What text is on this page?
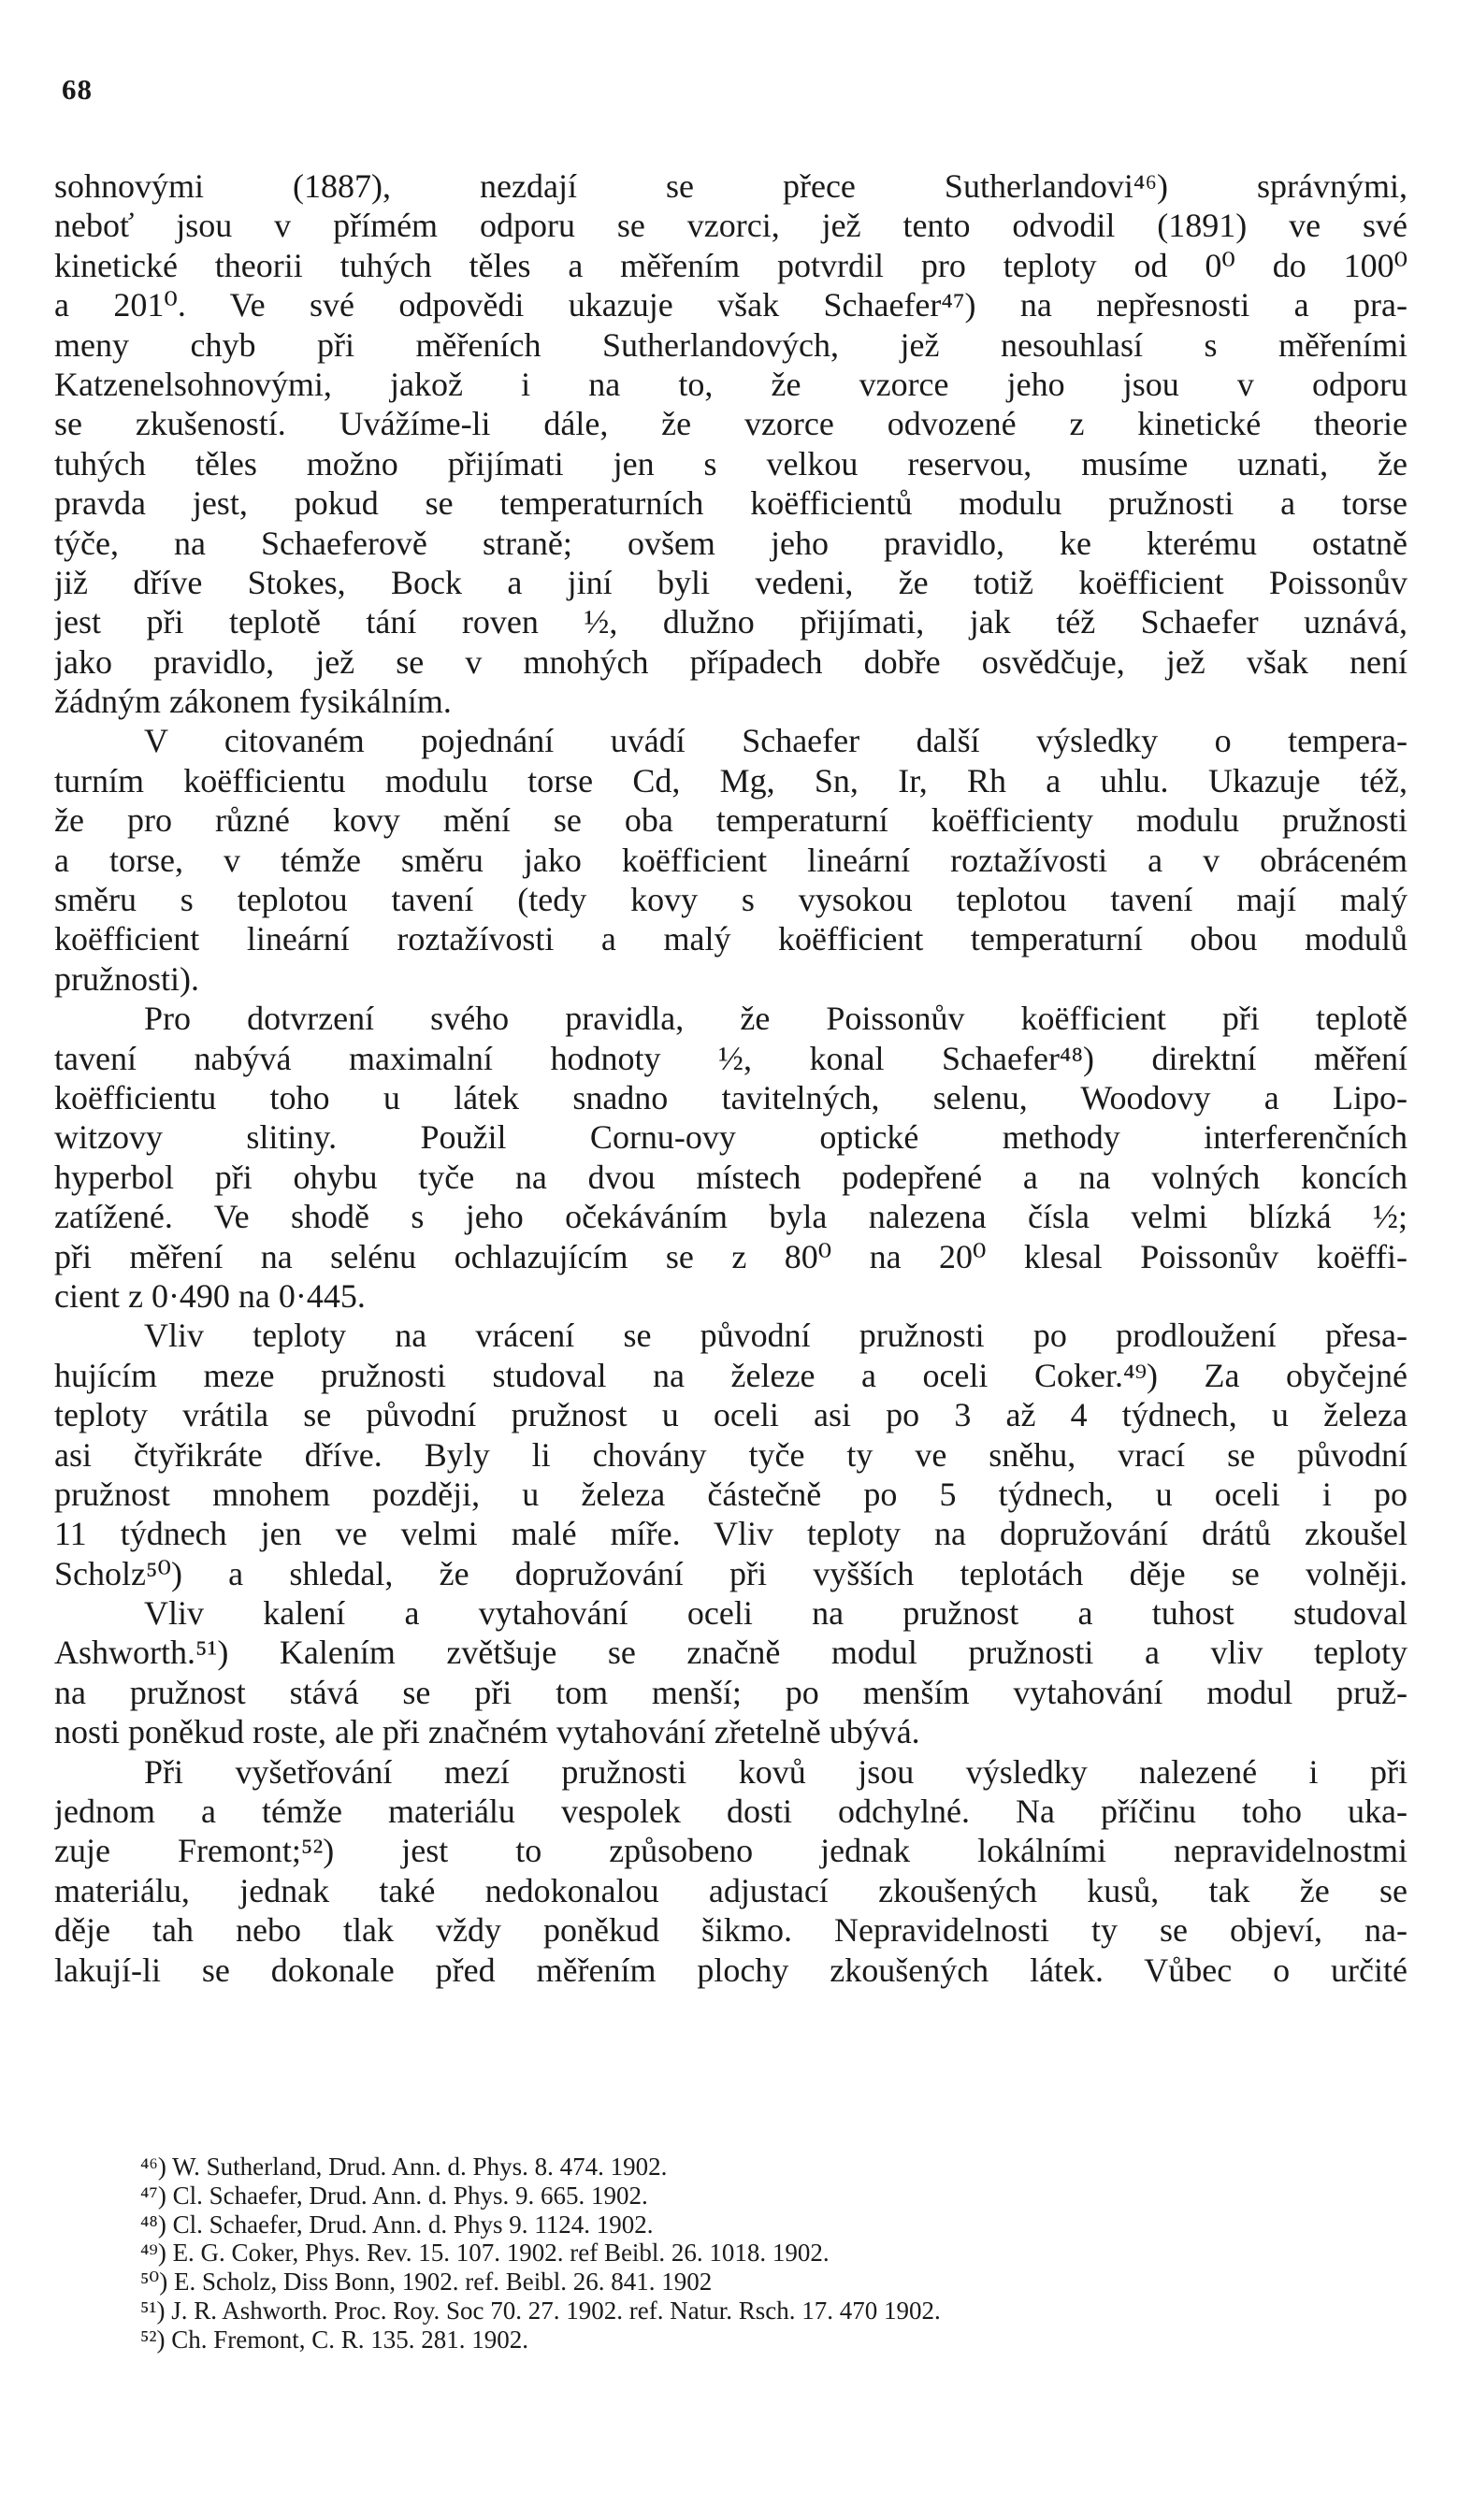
68
sohnovými (1887), nezdají se přece Sutherlandovi⁴⁶) správnými,
neboť jsou v přímém odporu se vzorci, jež tento odvodil (1891) ve své
kinetické theorii tuhých těles a měřením potvrdil pro teploty od 0⁰ do 100⁰
a 201⁰. Ve své odpovědi ukazuje však Schaefer⁴⁷) na nepřesnosti a pra-
meny chyb při měřeních Sutherlandových, jež nesouhlasí s měřeními
Katzenelsohnovými, jakož i na to, že vzorce jeho jsou v odporu
se zkušeností. Uvážíme-li dále, že vzorce odvozené z kinetické theorie
tuhých těles možno přijímati jen s velkou reservou, musíme uznati, že
pravda jest, pokud se temperaturních koëfficientů modulu pružnosti a torse
týče, na Schaeferově straně; ovšem jeho pravidlo, ke kterému ostatně
již dříve Stokes, Bock a jiní byli vedeni, že totiž koëfficient Poissonův
jest při teplotě tání roven ½, dlužno přijímati, jak též Schaefer uznává,
jako pravidlo, jež se v mnohých případech dobře osvědčuje, jež však není
žádným zákonem fysikálním.
V citovaném pojednání uvádí Schaefer další výsledky o tempera-
turním koëfficientu modulu torse Cd, Mg, Sn, Ir, Rh a uhlu. Ukazuje též,
že pro různé kovy mění se oba temperaturní koëfficienty modulu pružnosti
a torse, v témže směru jako koëfficient lineární roztažívosti a v obráceném
směru s teplotou tavení (tedy kovy s vysokou teplotou tavení mají malý
koëfficient lineární roztažívosti a malý koëfficient temperaturní obou modulů
pružnosti).
Pro dotvrzení svého pravidla, že Poissonův koëfficient při teplotě
tavení nabývá maximalní hodnoty ½, konal Schaefer⁴⁸) direktní měření
koëfficientu toho u látek snadno tavitelných, selenu, Woodovy a Lipo-
witzovy slitiny. Použil Cornu-ovy optické methody interferenčních
hyperbol při ohybu tyče na dvou místech podepřené a na volných koncích
zatížené. Ve shodě s jeho očekáváním byla nalezena čísla velmi blízká ½;
při měření na selénu ochlazujícím se z 80⁰ na 20⁰ klesal Poissonův koëffi-
cient z 0·490 na 0·445.
Vliv teploty na vrácení se původní pružnosti po prodloužení přesa-
hujícím meze pružnosti studoval na železe a oceli Coker.⁴⁹) Za obyčejné
teploty vrátila se původní pružnost u oceli asi po 3 až 4 týdnech, u železa
asi čtyřikráte dříve. Byly li chovány tyče ty ve sněhu, vrací se původní
pružnost mnohem později, u železa částečně po 5 týdnech, u oceli i po
11 týdnech jen ve velmi malé míře. Vliv teploty na dopružování drátů zkoušel
Scholz⁵⁰) a shledal, že dopružování při vyšších teplotách děje se volněji.
Vliv kalení a vytahování oceli na pružnost a tuhost studoval
Ashworth.⁵¹) Kalením zvětšuje se značně modul pružnosti a vliv teploty
na pružnost stává se při tom menší; po menším vytahování modul pruž-
nosti poněkud roste, ale při značném vytahování zřetelně ubývá.
Při vyšetřování mezí pružnosti kovů jsou výsledky nalezené i při
jednom a témže materiálu vespolek dosti odchylné. Na příčinu toho uka-
zuje Fremont;⁵²) jest to způsobeno jednak lokálními nepravidelnostmi
materiálu, jednak také nedokonalou adjustací zkoušených kusů, tak že se
děje tah nebo tlak vždy poněkud šikmo. Nepravidelnosti ty se objeví, na-
lakují-li se dokonale před měřením plochy zkoušených látek. Vůbec o určité
⁴⁶) W. Sutherland, Drud. Ann. d. Phys. 8. 474. 1902.
⁴⁷) Cl. Schaefer, Drud. Ann. d. Phys. 9. 665. 1902.
⁴⁸) Cl. Schaefer, Drud. Ann. d. Phys 9. 1124. 1902.
⁴⁹) E. G. Coker, Phys. Rev. 15. 107. 1902. ref Beibl. 26. 1018. 1902.
⁵⁰) E. Scholz, Diss Bonn, 1902. ref. Beibl. 26. 841. 1902
⁵¹) J. R. Ashworth. Proc. Roy. Soc 70. 27. 1902. ref. Natur. Rsch. 17. 470 1902.
⁵²) Ch. Fremont, C. R. 135. 281. 1902.
